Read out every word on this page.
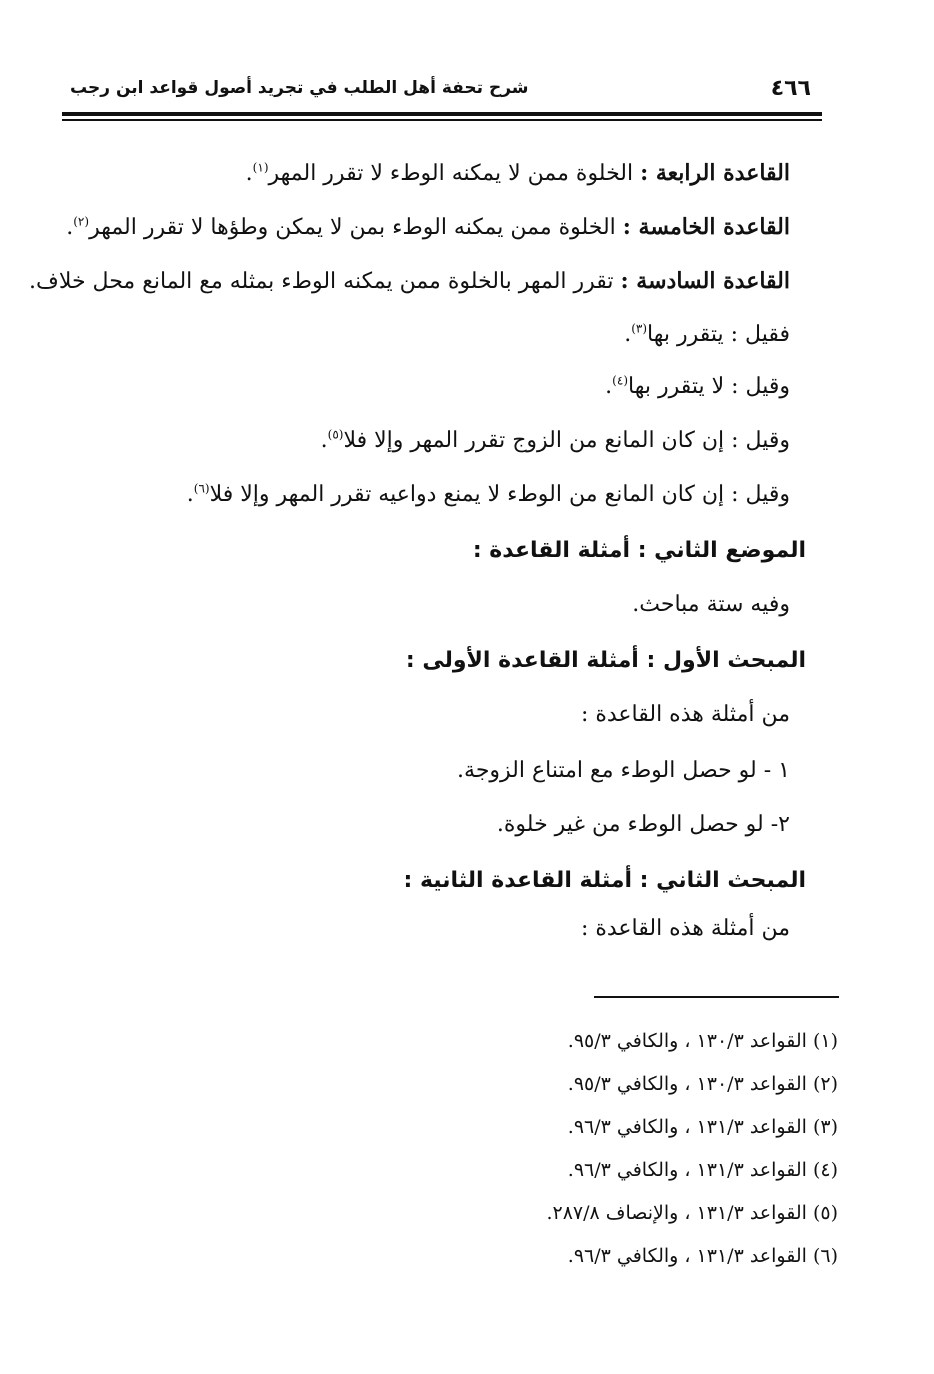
٤٦٦
شرح تحفة أهل الطلب في تجريد أصول قواعد ابن رجب
القاعدة الرابعة : الخلوة ممن لا يمكنه الوطء لا تقرر المهر$^{(١)}$.
القاعدة الخامسة : الخلوة ممن يمكنه الوطء بمن لا يمكن وطؤها لا تقرر المهر$^{(٢)}$.
القاعدة السادسة : تقرر المهر بالخلوة ممن يمكنه الوطء بمثله مع المانع محل خلاف.
فقيل : يتقرر بها$^{(٣)}$.
وقيل : لا يتقرر بها$^{(٤)}$.
وقيل : إن كان المانع من الزوج تقرر المهر وإلا فلا$^{(٥)}$.
وقيل : إن كان المانع من الوطء لا يمنع دواعيه تقرر المهر وإلا فلا$^{(٦)}$.
الموضع الثاني : أمثلة القاعدة :
وفيه ستة مباحث.
المبحث الأول : أمثلة القاعدة الأولى :
من أمثلة هذه القاعدة :
١ - لو حصل الوطء مع امتناع الزوجة.
٢- لو حصل الوطء من غير خلوة.
المبحث الثاني : أمثلة القاعدة الثانية :
من أمثلة هذه القاعدة :
(١) القواعد ١٣٠/٣ ، والكافي ٩٥/٣.
(٢) القواعد ١٣٠/٣ ، والكافي ٩٥/٣.
(٣) القواعد ١٣١/٣ ، والكافي ٩٦/٣.
(٤) القواعد ١٣١/٣ ، والكافي ٩٦/٣.
(٥) القواعد ١٣١/٣ ، والإنصاف ٢٨٧/٨.
(٦) القواعد ١٣١/٣ ، والكافي ٩٦/٣.
